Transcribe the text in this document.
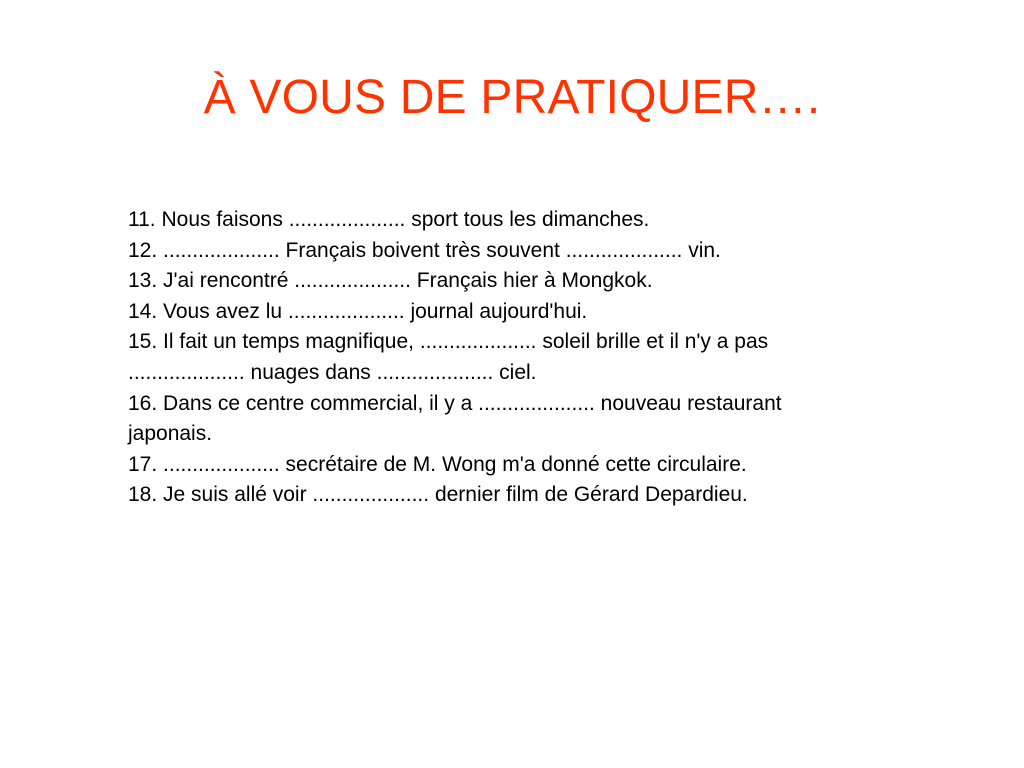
À VOUS DE PRATIQUER….
11. Nous faisons .................... sport tous les dimanches.
12. .................... Français boivent très souvent .................... vin.
13. J'ai rencontré .................... Français hier à Mongkok.
14. Vous avez lu .................... journal aujourd'hui.
15. Il fait un temps magnifique, .................... soleil brille et il n'y a pas
.................... nuages dans .................... ciel.
16. Dans ce centre commercial, il y a .................... nouveau restaurant
japonais.
17. .................... secrétaire de M. Wong m'a donné cette circulaire.
18. Je suis allé voir .................... dernier film de Gérard Depardieu.
